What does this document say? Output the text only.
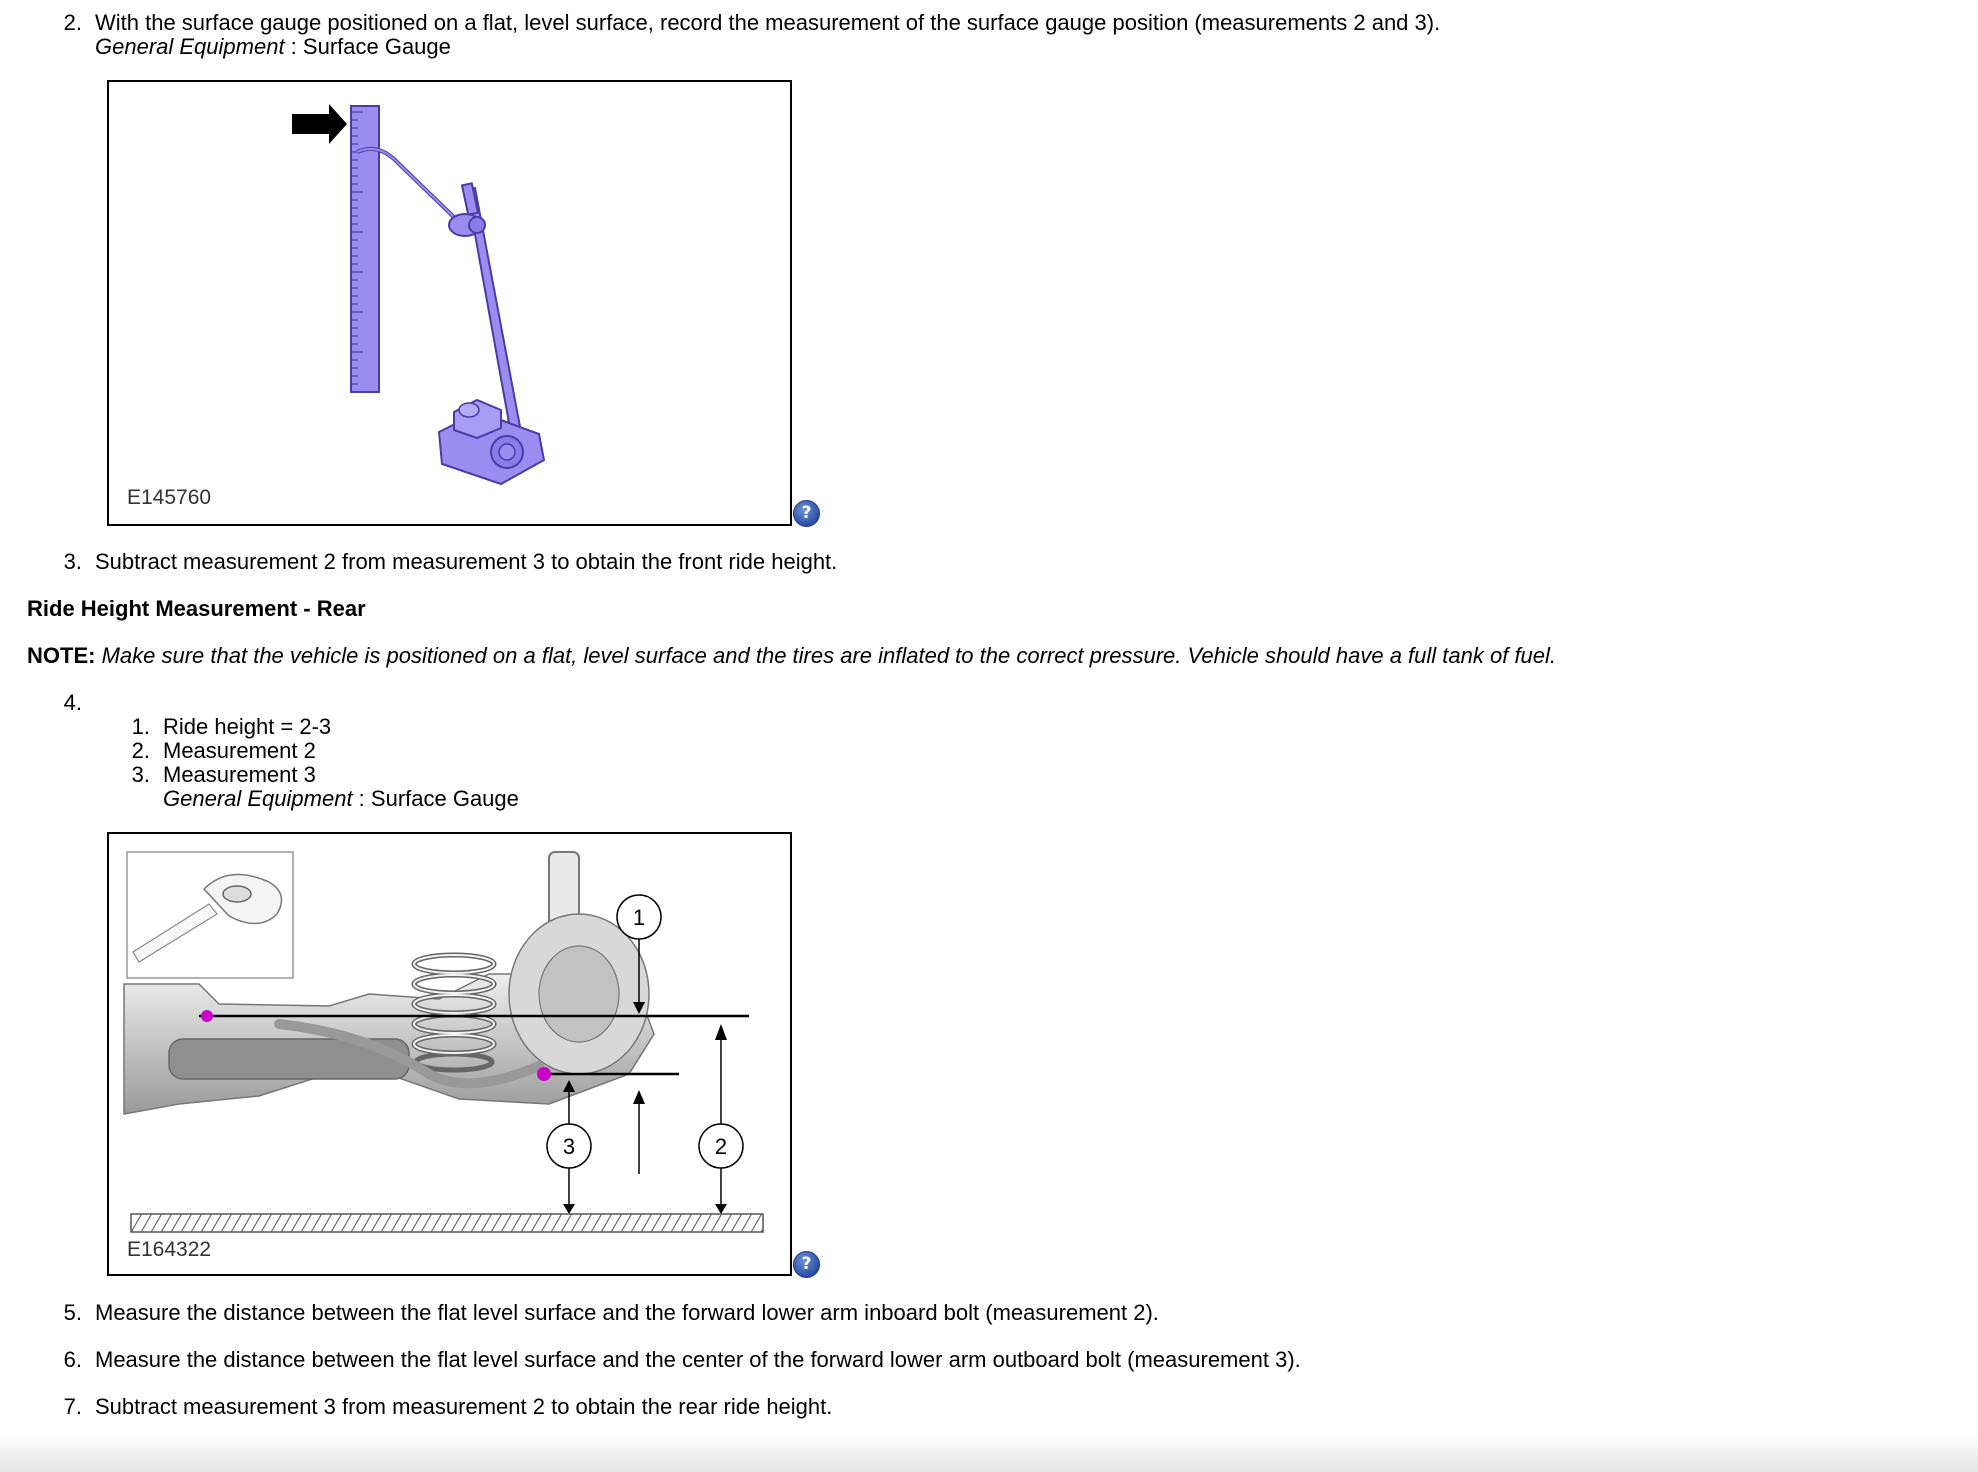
2. With the surface gauge positioned on a flat, level surface, record the measurement of the surface gauge position (measurements 2 and 3).
General Equipment : Surface Gauge
E145760
?
3. Subtract measurement 2 from measurement 3 to obtain the front ride height.
Ride Height Measurement - Rear
NOTE: Make sure that the vehicle is positioned on a flat, level surface and the tires are inflated to the correct pressure. Vehicle should have a full tank of fuel.
4.
1. Ride height = 2-3
2. Measurement 2
3. Measurement 3
General Equipment : Surface Gauge
1
2
3
E164322
?
5. Measure the distance between the flat level surface and the forward lower arm inboard bolt (measurement 2).
6. Measure the distance between the flat level surface and the center of the forward lower arm outboard bolt (measurement 3).
7. Subtract measurement 3 from measurement 2 to obtain the rear ride height.
